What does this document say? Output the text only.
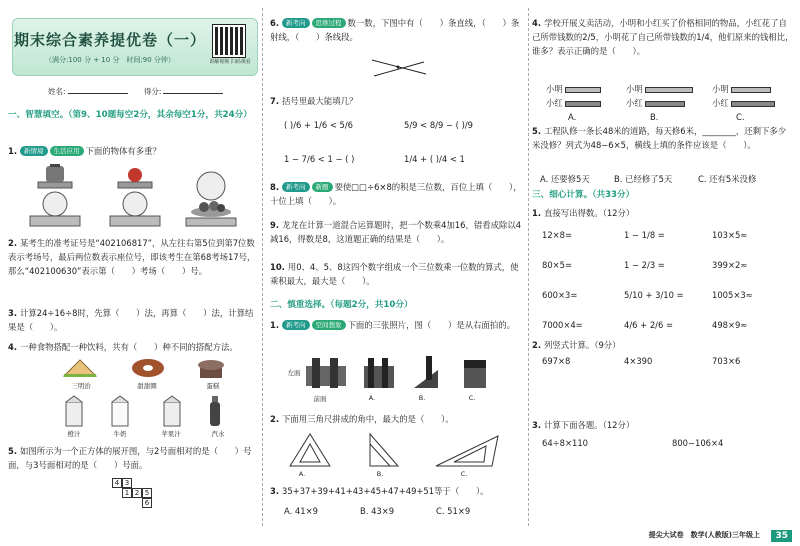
期末综合素养提优卷（一）
（满分:100 分 + 10 分　时间:90 分钟）	讲解视频 扫码观看
姓名:	得分:
一、智慧填空。（第9、10题每空2分，其余每空1分，共24分）
1. 新情境 生活应用 下面的物体有多重？
2. 某考生的准考证号是“402106817”，从左往右第5位到第7位数表示考场号，最后两位数表示座位号，即该考生在第68考场17号，那么“402100630”表示第（　　）考场（　　）号。
3. 计算24÷16÷8时，先算（　　）法，再算（　　）法，计算结果是（　　）。
4. 一种食物搭配一种饮料，共有（　　）种不同的搭配方法。
三明治	甜甜圈	蛋糕
橙汁	牛奶	苹果汁	汽水
5. 如图所示为一个正方体的展开图，与2号面相对的是（　　）号面，与3号面相对的是（　　）号面。
4 3
1 2 5
6
6. 新考向 思维过程 数一数，下图中有（　　）条直线，（　　）条射线，（　　）条线段。
7. 括号里最大能填几？
( )/6 + 1/6 < 5/6	5/9 < 8/9 − ( )/9
1 − 7/6 < 1 − ( )	1/4 + ( )/4 < 1
8. 新考向 新题 要使□□÷6×8的积是三位数，百位上填（　　），十位上填（　　）。
9. 龙龙在计算一道混合运算题时，把一个数乘4加16，错看成除以4减16，得数是8，这道题正确的结果是（　　）。
10. 用0、4、5、8这四个数字组成一个三位数乘一位数的算式，使乘积最大，最大是（　　）。
二、慎重选择。（每题2分，共10分）
1. 新考向 空间想象 下面的三张照片，图（　　）是从右面拍的。
左面
前面	A.	B.	C.
2. 下面用三角尺拼成的角中，最大的是（　　）。
A.	B.	C.
3. 35+37+39+41+43+45+47+49+51等于（　　）。
A. 41×9	B. 43×9	C. 51×9
4. 学校开展义卖活动，小明和小红买了价格相同的物品，小红花了自己所带钱数的2/5，小明花了自己所带钱数的1/4，他们原来的钱相比，谁多？表示正确的是（　　）。
小明
小红
小明
小红
小明
小红
A.	B.	C.
5. 工程队修一条长48米的道路，每天修6米，________，还剩下多少米没修？列式为48−6×5，横线上填的条件应该是（　　）。
A. 还要修5天	B. 已经修了5天	C. 还有5米没修
三、细心计算。（共33分）
1. 直接写出得数。（12分）
12×8=	1 − 1/8 =	103×5≈
80×5=	1 − 2/3 =	399×2≈
600×3=	5/10 + 3/10 =	1005×3≈
7000×4=	4/6 + 2/6 =	498×9≈
2. 列竖式计算。（9分）
697×8	4×390	703×6
3. 计算下面各题。（12分）
64÷8×110	800−106×4
提尖大试卷　数学(人教版)三年级上	35
